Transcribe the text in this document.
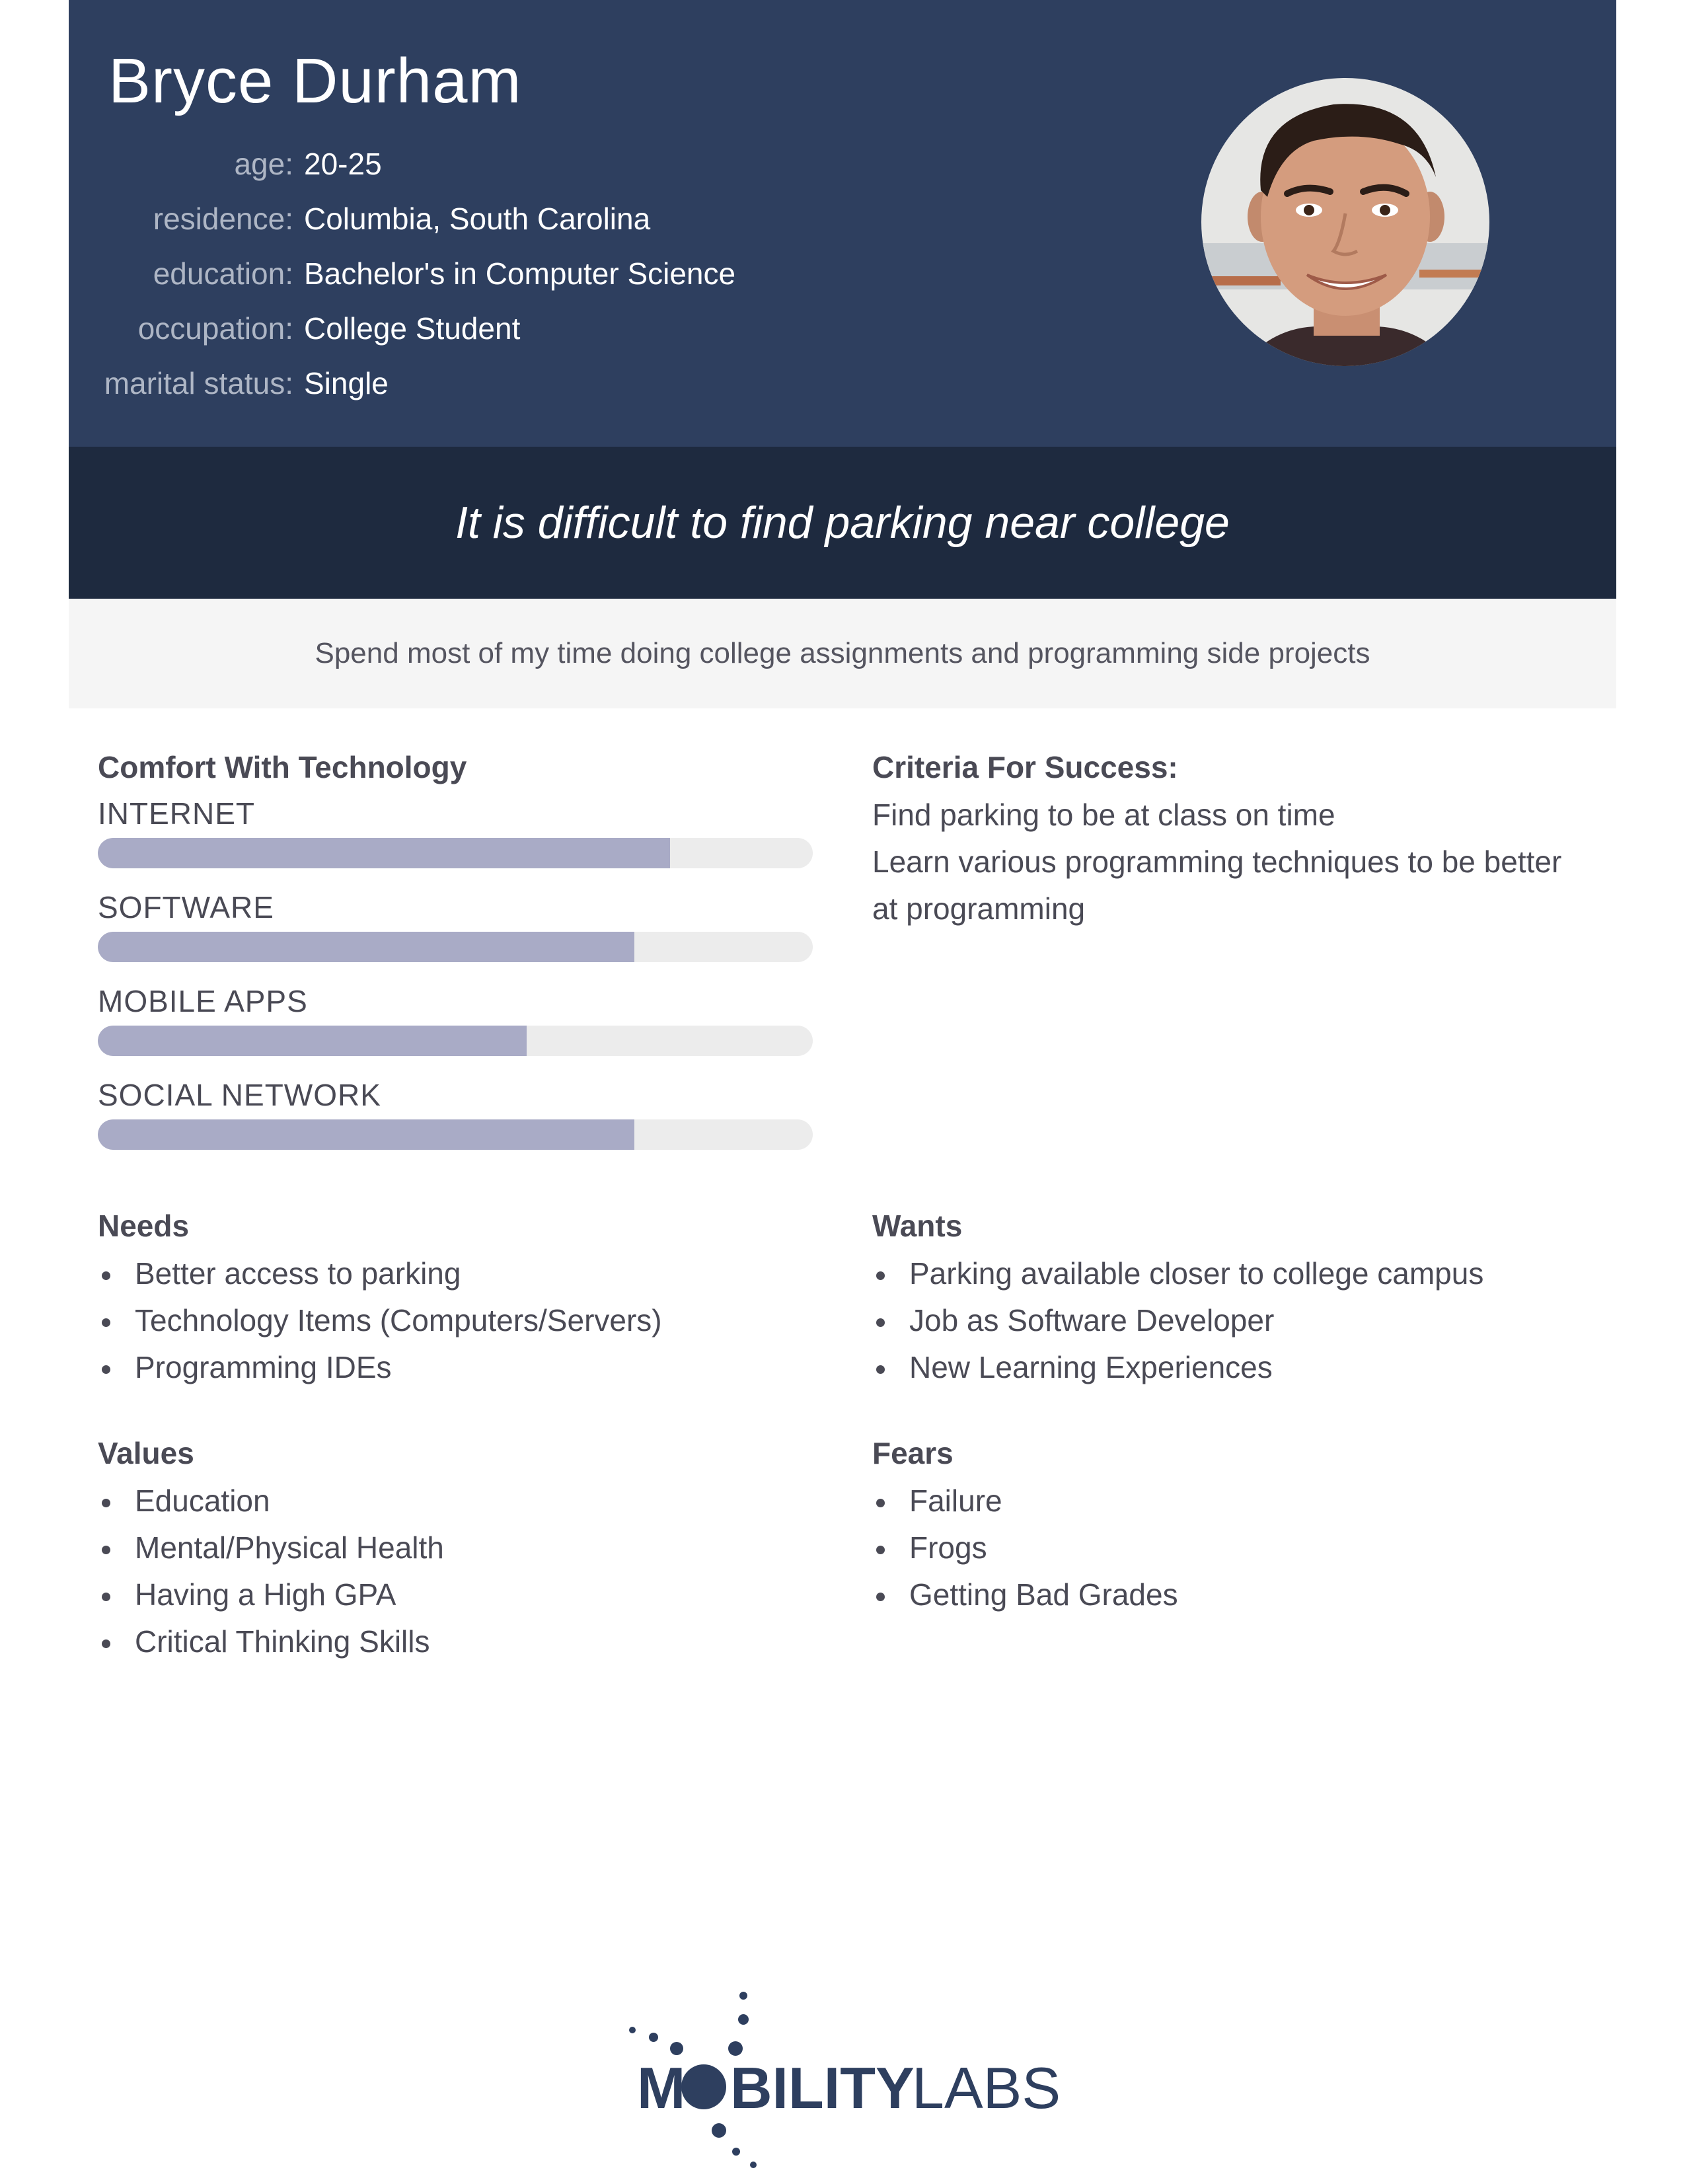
Bryce Durham
age: 20-25
residence: Columbia, South Carolina
education: Bachelor's in Computer Science
occupation: College Student
marital status: Single
It is difficult to find parking near college
Spend most of my time doing college assignments and programming side projects
Comfort With Technology
INTERNET
SOFTWARE
MOBILE APPS
SOCIAL NETWORK
Criteria For Success:
Find parking to be at class on time
Learn various programming techniques to be better
at programming
Needs
Better access to parking
Technology Items (Computers/Servers)
Programming IDEs
Wants
Parking available closer to college campus
Job as Software Developer
New Learning Experiences
Values
Education
Mental/Physical Health
Having a High GPA
Critical Thinking Skills
Fears
Failure
Frogs
Getting Bad Grades
M BILITY
LABS
